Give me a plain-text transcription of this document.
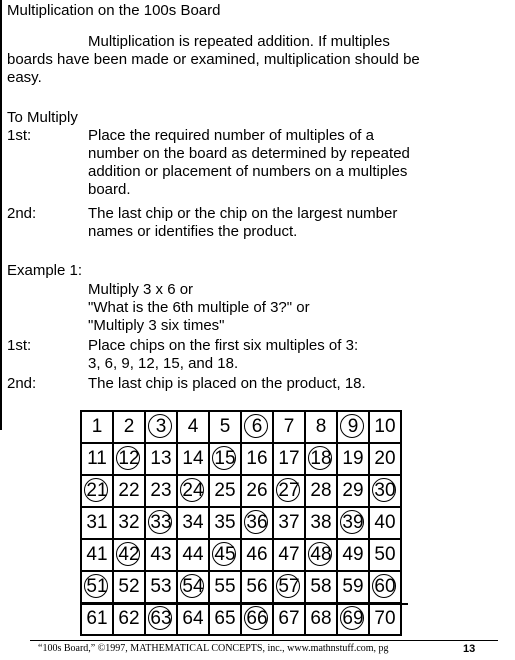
Multiplication on the 100s Board
Multiplication is repeated addition. If multiples
boards have been made or examined, multiplication should be
easy.
To Multiply
1st:	Place the required number of multiples of a
number on the board as determined by repeated
addition or placement of numbers on a multiples
board.
2nd:	The last chip or the chip on the largest number
names or identifies the product.
Example 1:
Multiply 3 x 6 or
"What is the 6th multiple of 3?" or
"Multiply 3 six times"
1st:	Place chips on the first six multiples of 3:
3, 6, 9, 12, 15, and 18.
2nd:	The last chip is placed on the product, 18.
1 2 3 4 5 6 7 8 9 10
11 12 13 14 15 16 17 18 19 20
21 22 23 24 25 26 27 28 29 30
31 32 33 34 35 36 37 38 39 40
41 42 43 44 45 46 47 48 49 50
51 52 53 54 55 56 57 58 59 60
61 62 63 64 65 66 67 68 69 70
“100s Board,” ©1997, MATHEMATICAL CONCEPTS, inc., www.mathnstuff.com, pg	13
